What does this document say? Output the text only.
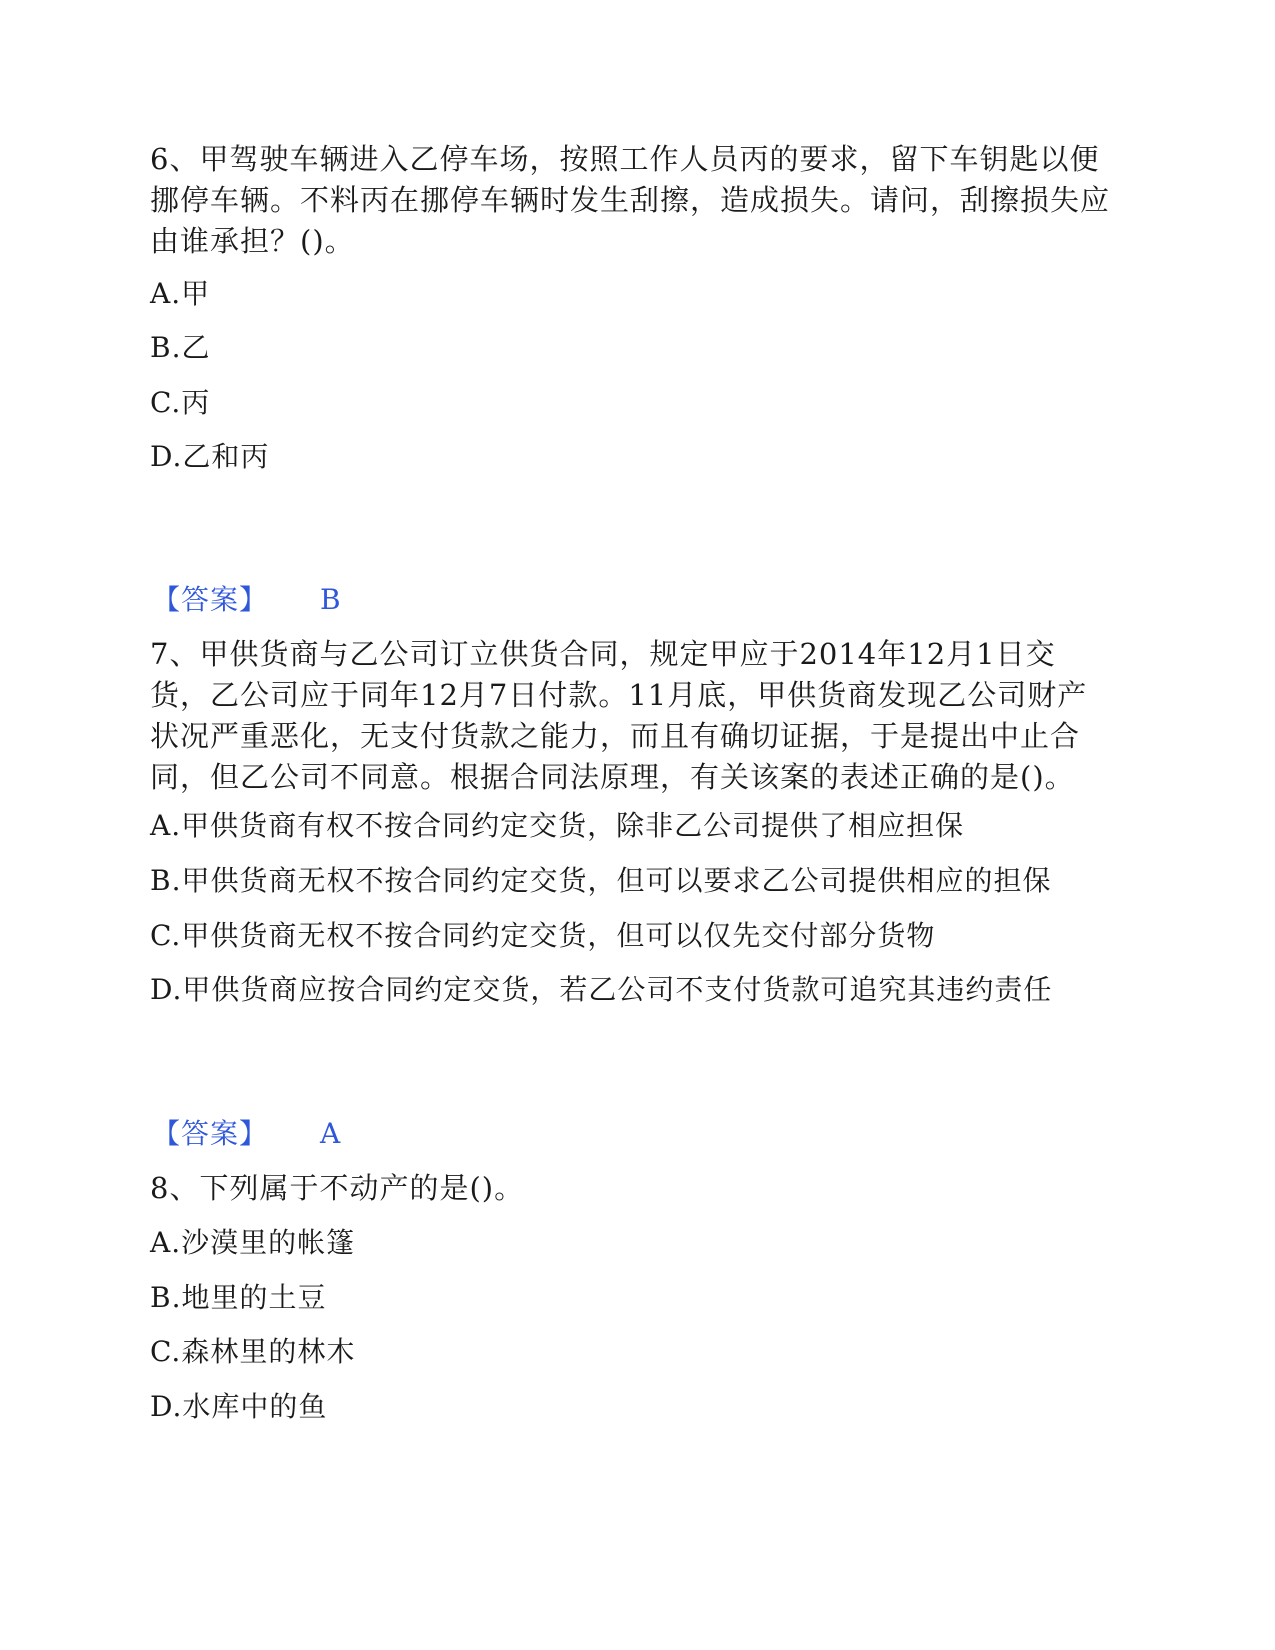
6、甲驾驶车辆进入乙停车场，按照工作人员丙的要求，留下车钥匙以便挪停车辆。不料丙在挪停车辆时发生刮擦，造成损失。请问，刮擦损失应由谁承担？()。

A.甲
B.乙
C.丙
D.乙和丙
【答案】 B

7、甲供货商与乙公司订立供货合同，规定甲应于2014年12月1日交货，乙公司应于同年12月7日付款。11月底，甲供货商发现乙公司财产状况严重恶化，无支付货款之能力，而且有确切证据，于是提出中止合同，但乙公司不同意。根据合同法原理，有关该案的表述正确的是()。

A.甲供货商有权不按合同约定交货，除非乙公司提供了相应担保
B.甲供货商无权不按合同约定交货，但可以要求乙公司提供相应的担保
C.甲供货商无权不按合同约定交货，但可以仅先交付部分货物
D.甲供货商应按合同约定交货，若乙公司不支付货款可追究其违约责任
【答案】 A

8、下列属于不动产的是()。

A.沙漠里的帐篷
B.地里的土豆
C.森林里的林木
D.水库中的鱼
